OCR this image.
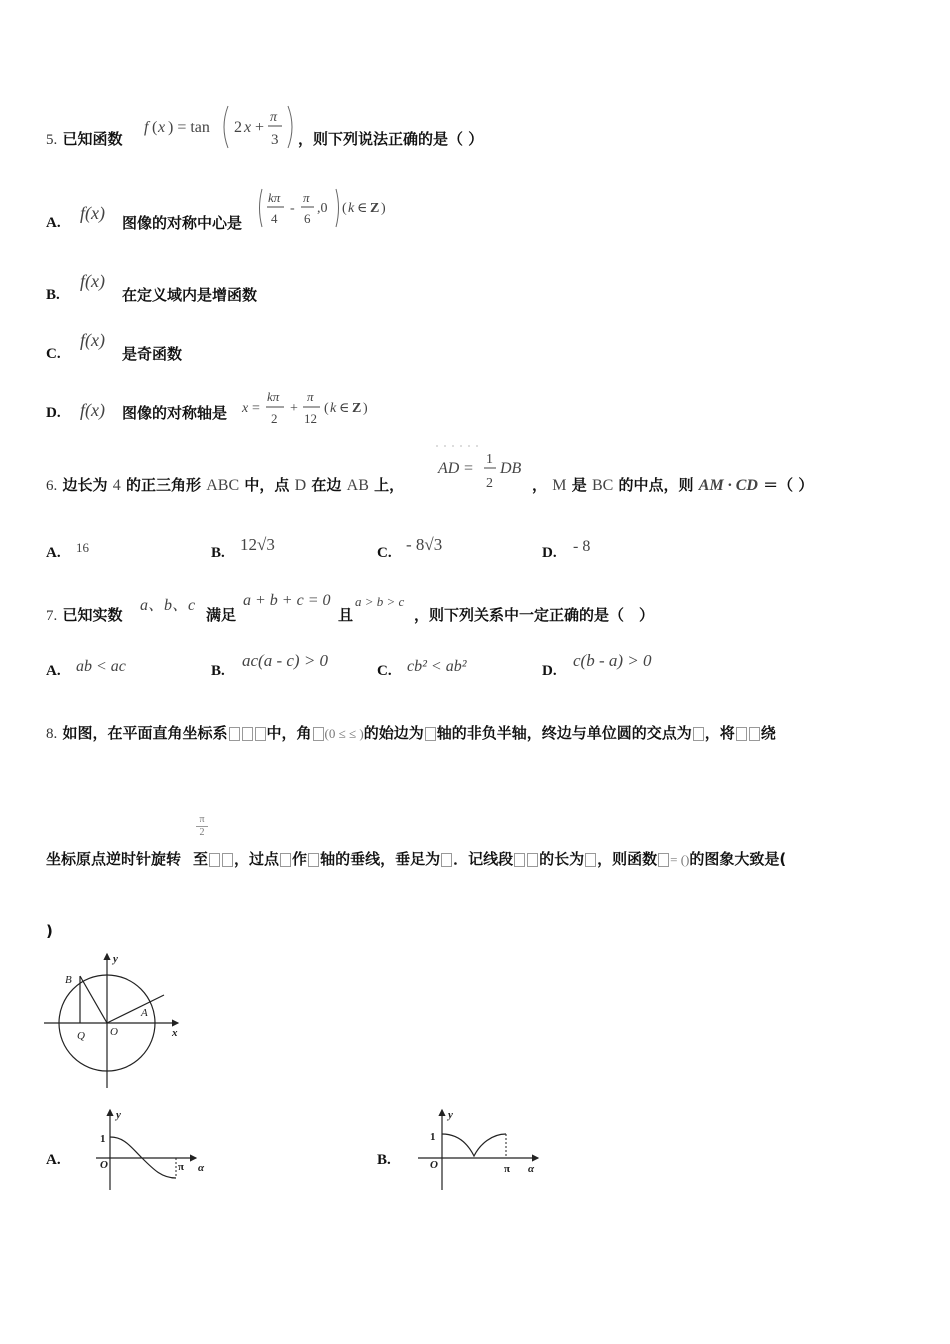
5. 已知函数
f ( x ) = tan 2 x +
π
3 ，则下列说法正确的是（ ）
A. f(x) 图像的对称中心是
kπ
4
-
π
6
,0 ( k ∈ Z )
B.
f(x)
在定义域内是增函数
C.
f(x)
是奇函数
D. f(x) 图像的对称轴是 x =
kπ
2
+
π
12
( k ∈ Z )
6. 边长为 4 的正三角形 ABC 中，点 D 在边 AB 上，
AD =
1
2
DB
， M 是 BC 的中点，则 AM · CD ＝（ ）
A. 16	B. 12√3	C. - 8√3	D. - 8
7. 已知实数
a、b、c
满足
a + b + c = 0
且
a > b > c
，则下列关系中一定正确的是（　）
A. ab < ac	B.
ac(a - c) > 0
C. cb² < ab²	D.
c(b - a) > 0
8. 如图，在平面直角坐标系	中，角 (0 ≤ ≤ )的始边为 轴的非负半轴，终边与单位圆的交点为 ，将 绕
π
2
坐标原点逆时针旋转 至 ，过点 作 轴的垂线，垂足为 ．记线段 的长为 ，则函数 = ()的图象大致是(
)
y
x
B
A
Q O
A.
y
1
O	π α	B.
y
1
O	π α
